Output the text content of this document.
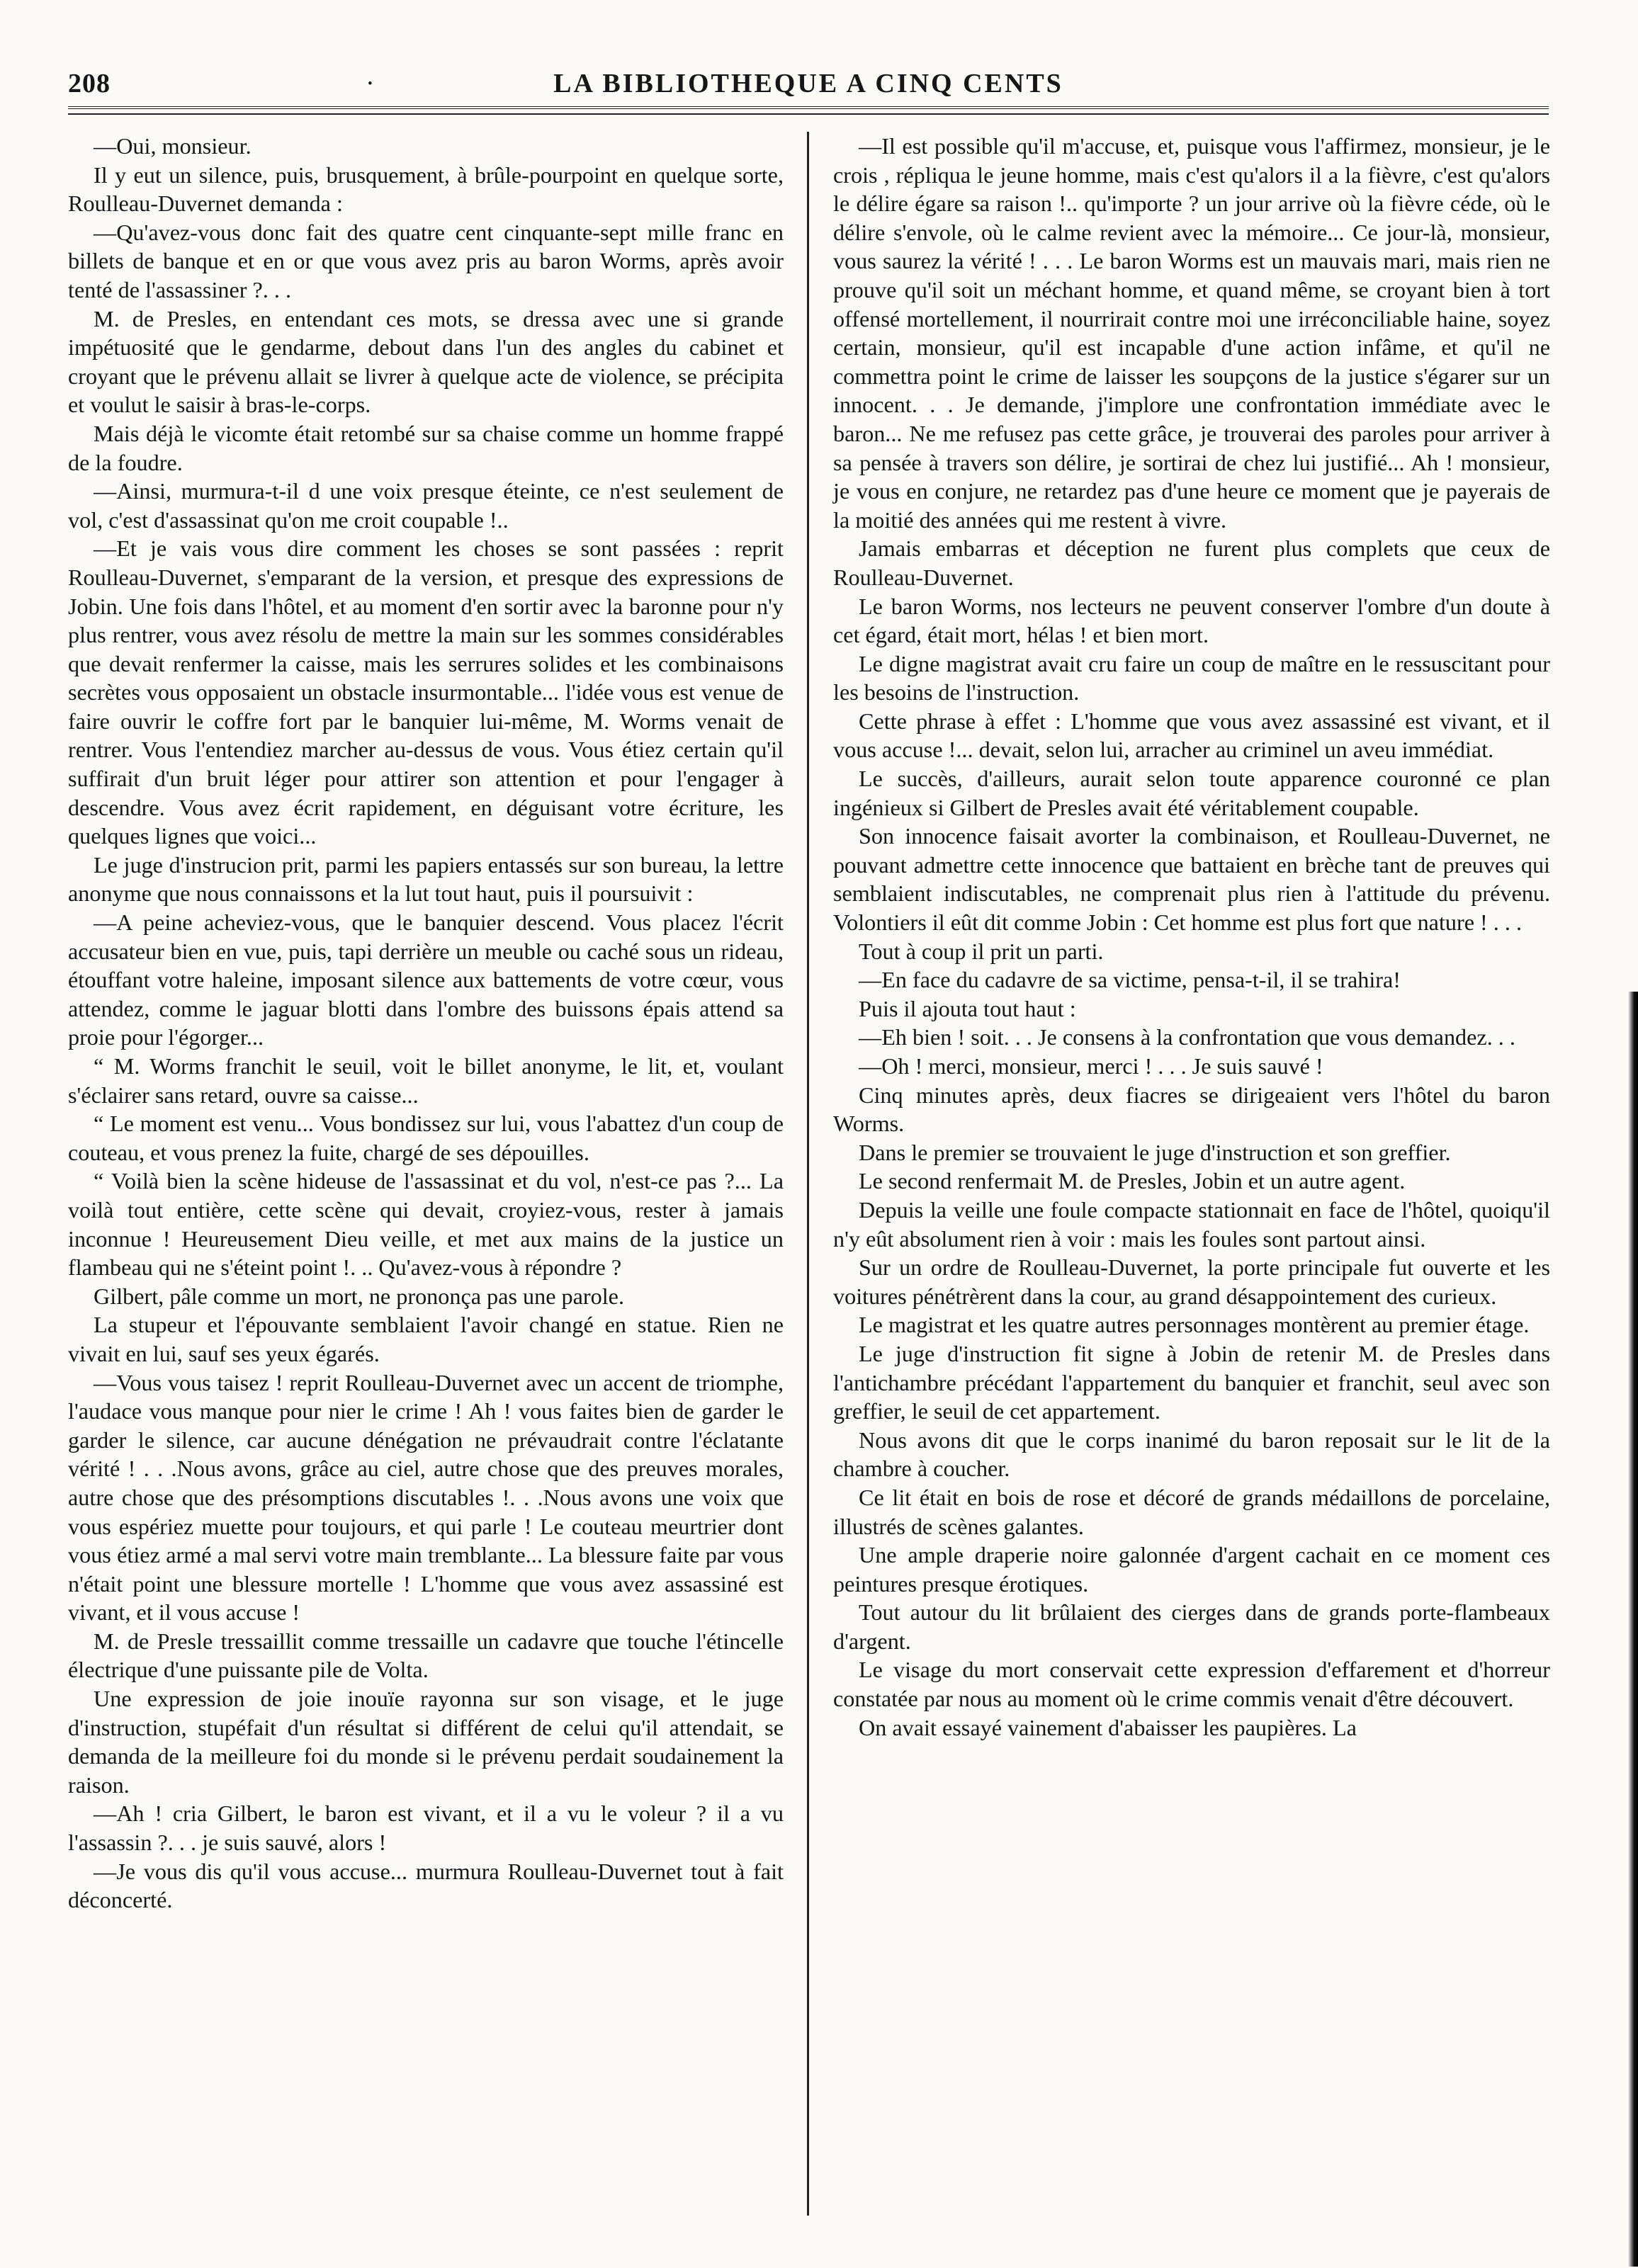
208	·	LA BIBLIOTHEQUE A CINQ CENTS

—Oui, monsieur.

Il y eut un silence, puis, brusquement, à brûle-pourpoint en quelque sorte, Roulleau-Duvernet demanda :

—Qu'avez-vous donc fait des quatre cent cinquante-sept mille franc en billets de banque et en or que vous avez pris au baron Worms, après avoir tenté de l'assassiner ?. . .

M. de Presles, en entendant ces mots, se dressa avec une si grande impétuosité que le gendarme, debout dans l'un des angles du cabinet et croyant que le prévenu allait se livrer à quelque acte de violence, se précipita et voulut le saisir à bras-le-corps.

Mais déjà le vicomte était retombé sur sa chaise comme un homme frappé de la foudre.

—Ainsi, murmura-t-il d une voix presque éteinte, ce n'est seulement de vol, c'est d'assassinat qu'on me croit coupable !..

—Et je vais vous dire comment les choses se sont passées : reprit Roulleau-Duvernet, s'emparant de la version, et presque des expressions de Jobin. Une fois dans l'hôtel, et au moment d'en sortir avec la baronne pour n'y plus rentrer, vous avez résolu de mettre la main sur les sommes considérables que devait renfermer la caisse, mais les serrures solides et les combinaisons secrètes vous opposaient un obstacle insurmontable... l'idée vous est venue de faire ouvrir le coffre fort par le banquier lui-même, M. Worms venait de rentrer. Vous l'entendiez marcher au-dessus de vous. Vous étiez certain qu'il suffirait d'un bruit léger pour attirer son attention et pour l'engager à descendre. Vous avez écrit rapidement, en déguisant votre écriture, les quelques lignes que voici...

Le juge d'instrucion prit, parmi les papiers entassés sur son bureau, la lettre anonyme que nous connaissons et la lut tout haut, puis il poursuivit :

—A peine acheviez-vous, que le banquier descend. Vous placez l'écrit accusateur bien en vue, puis, tapi derrière un meuble ou caché sous un rideau, étouffant votre haleine, imposant silence aux battements de votre cœur, vous attendez, comme le jaguar blotti dans l'ombre des buissons épais attend sa proie pour l'égorger...

“ M. Worms franchit le seuil, voit le billet anonyme, le lit, et, voulant s'éclairer sans retard, ouvre sa caisse...

“ Le moment est venu... Vous bondissez sur lui, vous l'abattez d'un coup de couteau, et vous prenez la fuite, chargé de ses dépouilles.

“ Voilà bien la scène hideuse de l'assassinat et du vol, n'est-ce pas ?... La voilà tout entière, cette scène qui devait, croyiez-vous, rester à jamais inconnue ! Heureusement Dieu veille, et met aux mains de la justice un flambeau qui ne s'éteint point !. .. Qu'avez-vous à répondre ?

Gilbert, pâle comme un mort, ne prononça pas une parole.

La stupeur et l'épouvante semblaient l'avoir changé en statue. Rien ne vivait en lui, sauf ses yeux égarés.

—Vous vous taisez ! reprit Roulleau-Duvernet avec un accent de triomphe, l'audace vous manque pour nier le crime ! Ah ! vous faites bien de garder le garder le silence, car aucune dénégation ne prévaudrait contre l'éclatante vérité ! . . .Nous avons, grâce au ciel, autre chose que des preuves morales, autre chose que des présomptions discutables !. . .Nous avons une voix que vous espériez muette pour toujours, et qui parle ! Le couteau meurtrier dont vous étiez armé a mal servi votre main tremblante... La blessure faite par vous n'était point une blessure mortelle ! L'homme que vous avez assassiné est vivant, et il vous accuse !

M. de Presle tressaillit comme tressaille un cadavre que touche l'étincelle électrique d'une puissante pile de Volta.

Une expression de joie inouïe rayonna sur son visage, et le juge d'instruction, stupéfait d'un résultat si différent de celui qu'il attendait, se demanda de la meilleure foi du monde si le prévenu perdait soudainement la raison.

—Ah ! cria Gilbert, le baron est vivant, et il a vu le voleur ? il a vu l'assassin ?. . . je suis sauvé, alors !

—Je vous dis qu'il vous accuse... murmura Roulleau-Duvernet tout à fait déconcerté.

—Il est possible qu'il m'accuse, et, puisque vous l'affirmez, monsieur, je le crois , répliqua le jeune homme, mais c'est qu'alors il a la fièvre, c'est qu'alors le délire égare sa raison !.. qu'importe ? un jour arrive où la fièvre céde, où le délire s'envole, où le calme revient avec la mémoire... Ce jour-là, monsieur, vous saurez la vérité ! . . . Le baron Worms est un mauvais mari, mais rien ne prouve qu'il soit un méchant homme, et quand même, se croyant bien à tort offensé mortellement, il nourrirait contre moi une irréconciliable haine, soyez certain, monsieur, qu'il est incapable d'une action infâme, et qu'il ne commettra point le crime de laisser les soupçons de la justice s'égarer sur un innocent. . . Je demande, j'implore une confrontation immédiate avec le baron... Ne me refusez pas cette grâce, je trouverai des paroles pour arriver à sa pensée à travers son délire, je sortirai de chez lui justifié... Ah ! monsieur, je vous en conjure, ne retardez pas d'une heure ce moment que je payerais de la moitié des années qui me restent à vivre.

Jamais embarras et déception ne furent plus complets que ceux de Roulleau-Duvernet.

Le baron Worms, nos lecteurs ne peuvent conserver l'ombre d'un doute à cet égard, était mort, hélas ! et bien mort.

Le digne magistrat avait cru faire un coup de maître en le ressuscitant pour les besoins de l'instruction.

Cette phrase à effet : L'homme que vous avez assassiné est vivant, et il vous accuse !... devait, selon lui, arracher au criminel un aveu immédiat.

Le succès, d'ailleurs, aurait selon toute apparence couronné ce plan ingénieux si Gilbert de Presles avait été véritablement coupable.

Son innocence faisait avorter la combinaison, et Roulleau-Duvernet, ne pouvant admettre cette innocence que battaient en brèche tant de preuves qui semblaient indiscutables, ne comprenait plus rien à l'attitude du prévenu. Volontiers il eût dit comme Jobin : Cet homme est plus fort que nature ! . . .

Tout à coup il prit un parti.

—En face du cadavre de sa victime, pensa-t-il, il se trahira!

Puis il ajouta tout haut :

—Eh bien ! soit. . . Je consens à la confrontation que vous demandez. . .

—Oh ! merci, monsieur, merci ! . . . Je suis sauvé !

Cinq minutes après, deux fiacres se dirigeaient vers l'hôtel du baron Worms.

Dans le premier se trouvaient le juge d'instruction et son greffier.

Le second renfermait M. de Presles, Jobin et un autre agent.

Depuis la veille une foule compacte stationnait en face de l'hôtel, quoiqu'il n'y eût absolument rien à voir : mais les foules sont partout ainsi.

Sur un ordre de Roulleau-Duvernet, la porte principale fut ouverte et les voitures pénétrèrent dans la cour, au grand désappointement des curieux.

Le magistrat et les quatre autres personnages montèrent au premier étage.

Le juge d'instruction fit signe à Jobin de retenir M. de Presles dans l'antichambre précédant l'appartement du banquier et franchit, seul avec son greffier, le seuil de cet appartement.

Nous avons dit que le corps inanimé du baron reposait sur le lit de la chambre à coucher.

Ce lit était en bois de rose et décoré de grands médaillons de porcelaine, illustrés de scènes galantes.

Une ample draperie noire galonnée d'argent cachait en ce moment ces peintures presque érotiques.

Tout autour du lit brûlaient des cierges dans de grands porte-flambeaux d'argent.

Le visage du mort conservait cette expression d'effarement et d'horreur constatée par nous au moment où le crime commis venait d'être découvert.

On avait essayé vainement d'abaisser les paupières. La
